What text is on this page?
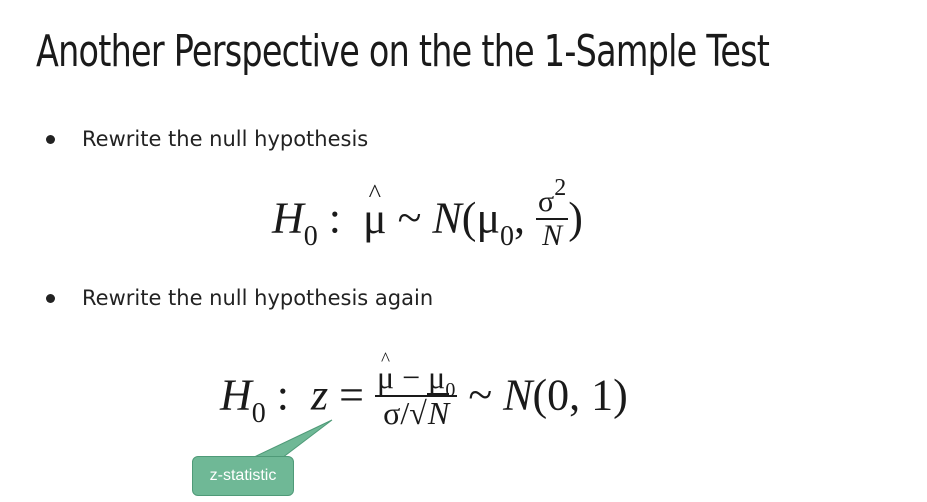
Another Perspective on the the 1-Sample Test
Rewrite the null hypothesis
$H_0$ : ^ μ ~ $N(\mu_0$, $\frac{\sigma^2}{N}$ )
Rewrite the null hypothesis again
$H_0$ : z = ^ $\frac{\mu - \mu_0}{\sigma/√N}$ ~ N(0, 1)
z-statistic
